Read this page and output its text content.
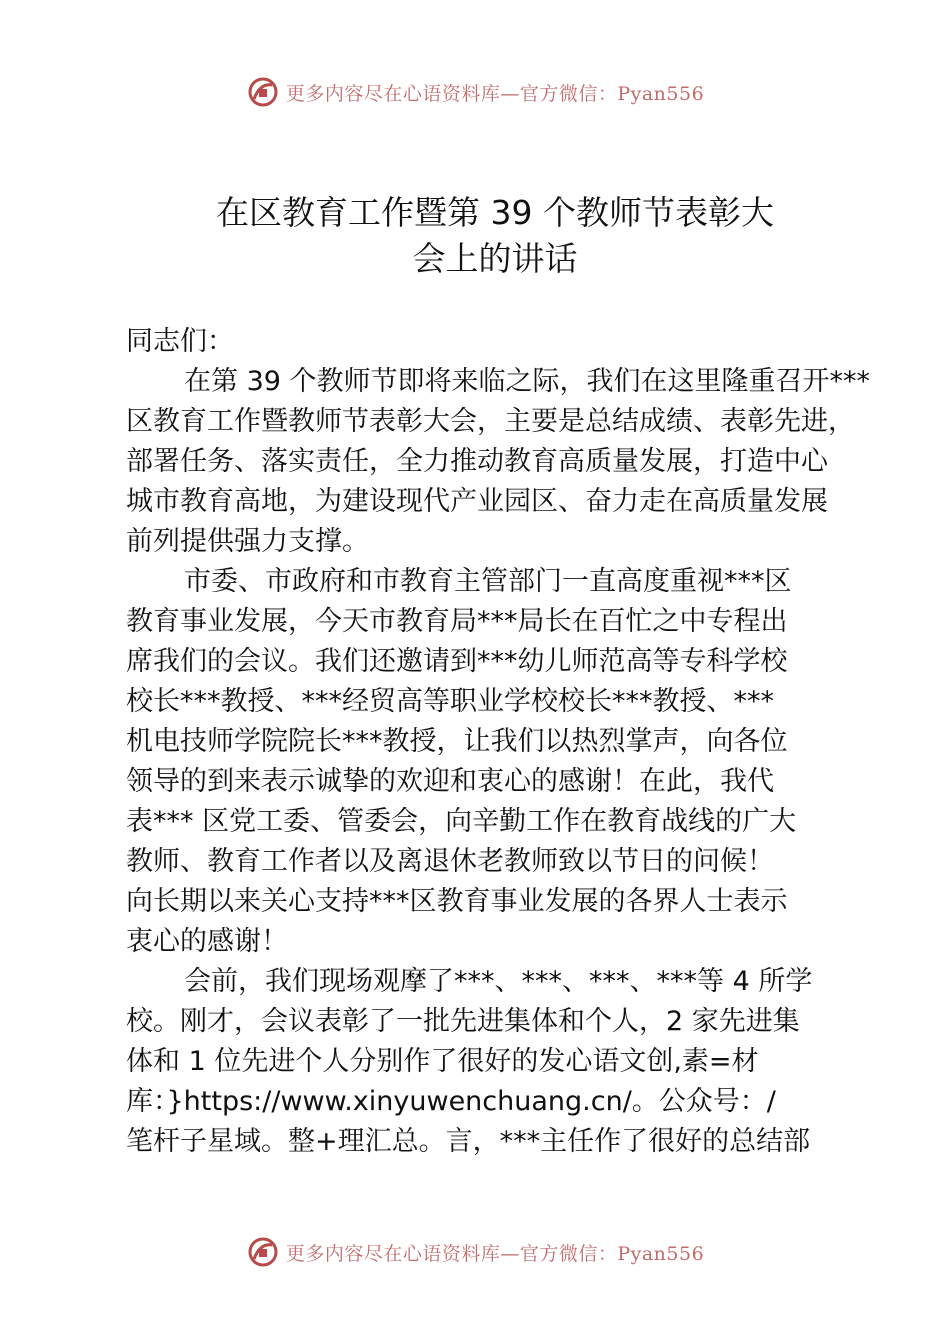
更多内容尽在心语资料库—官方微信：Pyan556
在区教育工作暨第 39 个教师节表彰大
会上的讲话
同志们：
在第 39 个教师节即将来临之际，我们在这里隆重召开***
区教育工作暨教师节表彰大会，主要是总结成绩、表彰先进，
部署任务、落实责任，全力推动教育高质量发展，打造中心
城市教育高地，为建设现代产业园区、奋力走在高质量发展
前列提供强力支撑。
市委、市政府和市教育主管部门一直高度重视***区
教育事业发展，今天市教育局***局长在百忙之中专程出
席我们的会议。我们还邀请到***幼儿师范高等专科学校
校长***教授、***经贸高等职业学校校长***教授、***
机电技师学院院长***教授，让我们以热烈掌声，向各位
领导的到来表示诚挚的欢迎和衷心的感谢！在此，我代
表*** 区党工委、管委会，向辛勤工作在教育战线的广大
教师、教育工作者以及离退休老教师致以节日的问候！
向长期以来关心支持***区教育事业发展的各界人士表示
衷心的感谢！
会前，我们现场观摩了***、***、***、***等 4 所学
校。刚才，会议表彰了一批先进集体和个人，2 家先进集
体和 1 位先进个人分别作了很好的发心语文创,素=材
库：}https://www.xinyuwenchuang.cn/。公众号：/
笔杆子星域。整+理汇总。言，***主任作了很好的总结部
更多内容尽在心语资料库—官方微信：Pyan556
